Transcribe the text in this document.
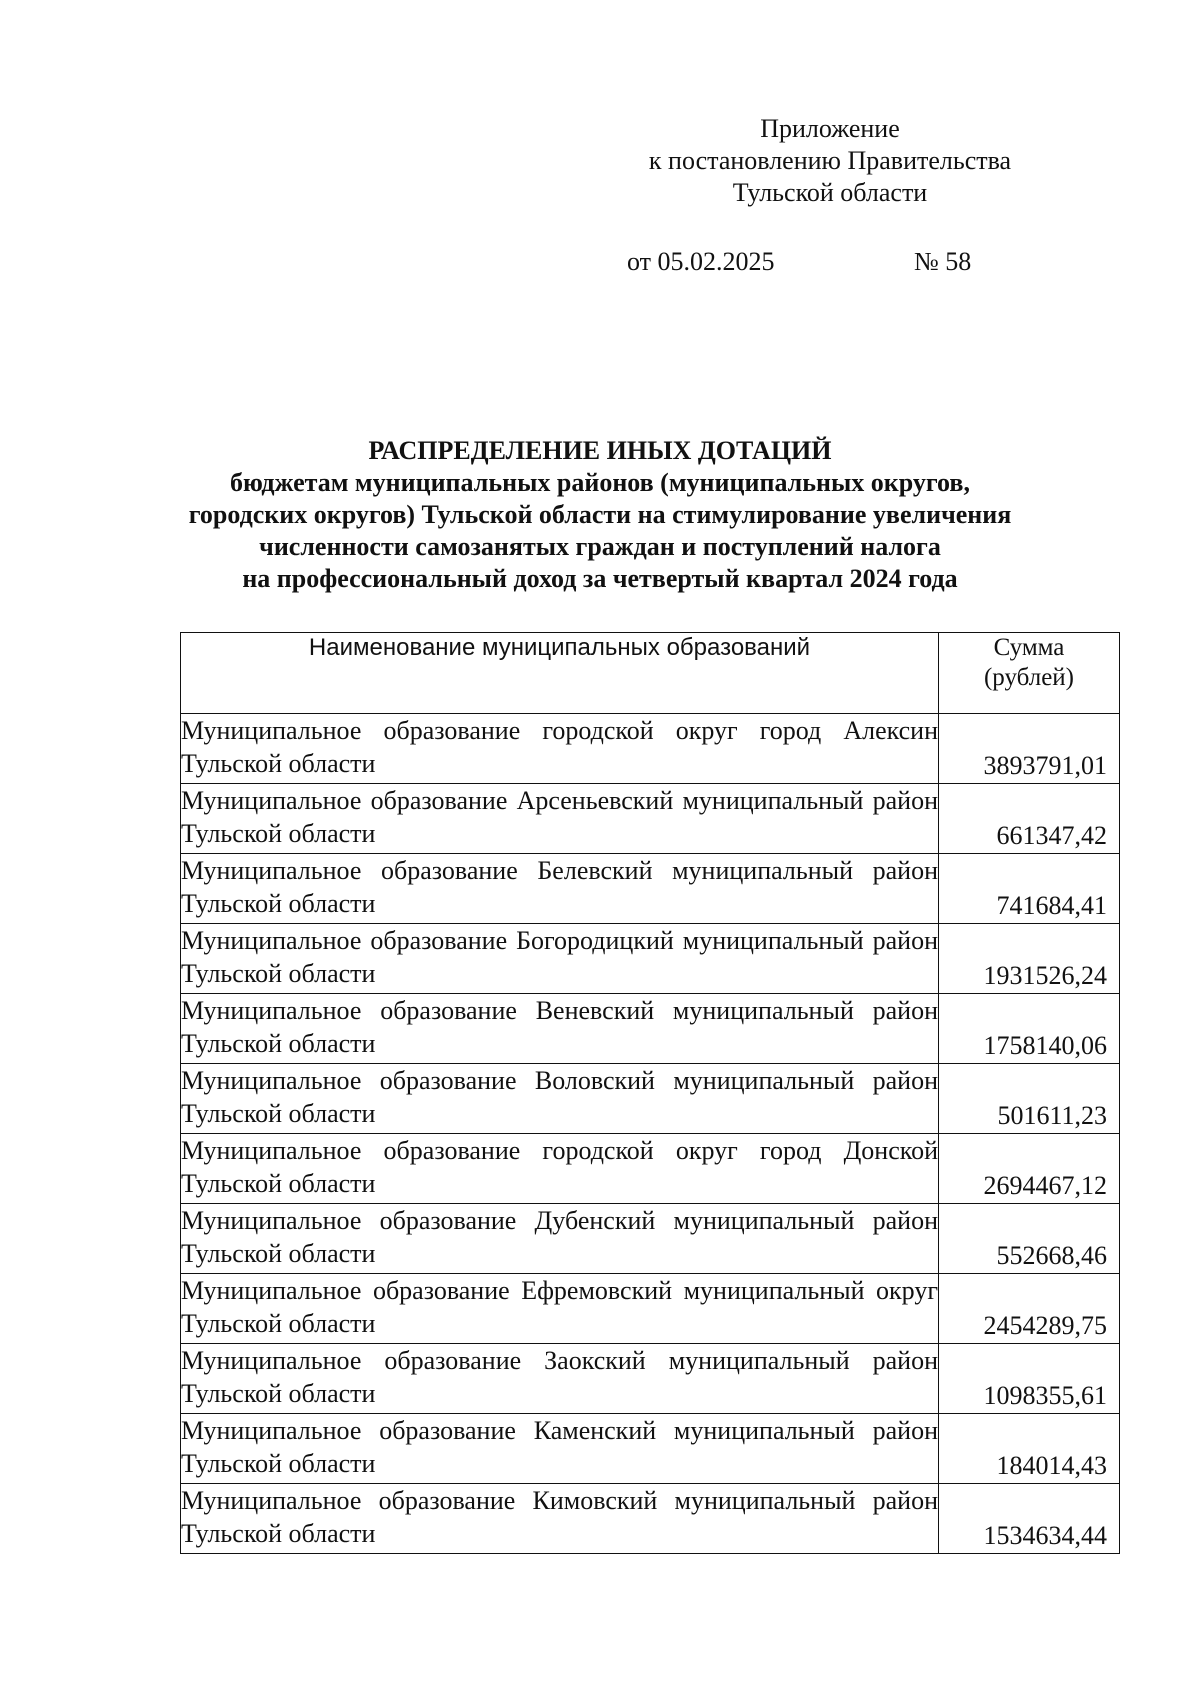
Приложение
к постановлению Правительства
Тульской области
от 05.02.2025	№ 58
РАСПРЕДЕЛЕНИЕ ИНЫХ ДОТАЦИЙ
бюджетам муниципальных районов (муниципальных округов,
городских округов) Тульской области на стимулирование увеличения
численности самозанятых граждан и поступлений налога
на профессиональный доход за четвертый квартал 2024 года
Наименование муниципальных образований	Сумма
(рублей)

Муниципальное образование городской округ город Алексин Тульской области	3893791,01
Муниципальное образование Арсеньевский муниципальный район Тульской области	661347,42
Муниципальное образование Белевский муниципальный район Тульской области	741684,41
Муниципальное образование Богородицкий муниципальный район Тульской области	1931526,24
Муниципальное образование Веневский муниципальный район Тульской области	1758140,06
Муниципальное образование Воловский муниципальный район Тульской области	501611,23
Муниципальное образование городской округ город Донской Тульской области	2694467,12
Муниципальное образование Дубенский муниципальный район Тульской области	552668,46
Муниципальное образование Ефремовский муниципальный округ Тульской области	2454289,75
Муниципальное образование Заокский муниципальный район Тульской области	1098355,61
Муниципальное образование Каменский муниципальный район Тульской области	184014,43
Муниципальное образование Кимовский муниципальный район Тульской области	1534634,44
